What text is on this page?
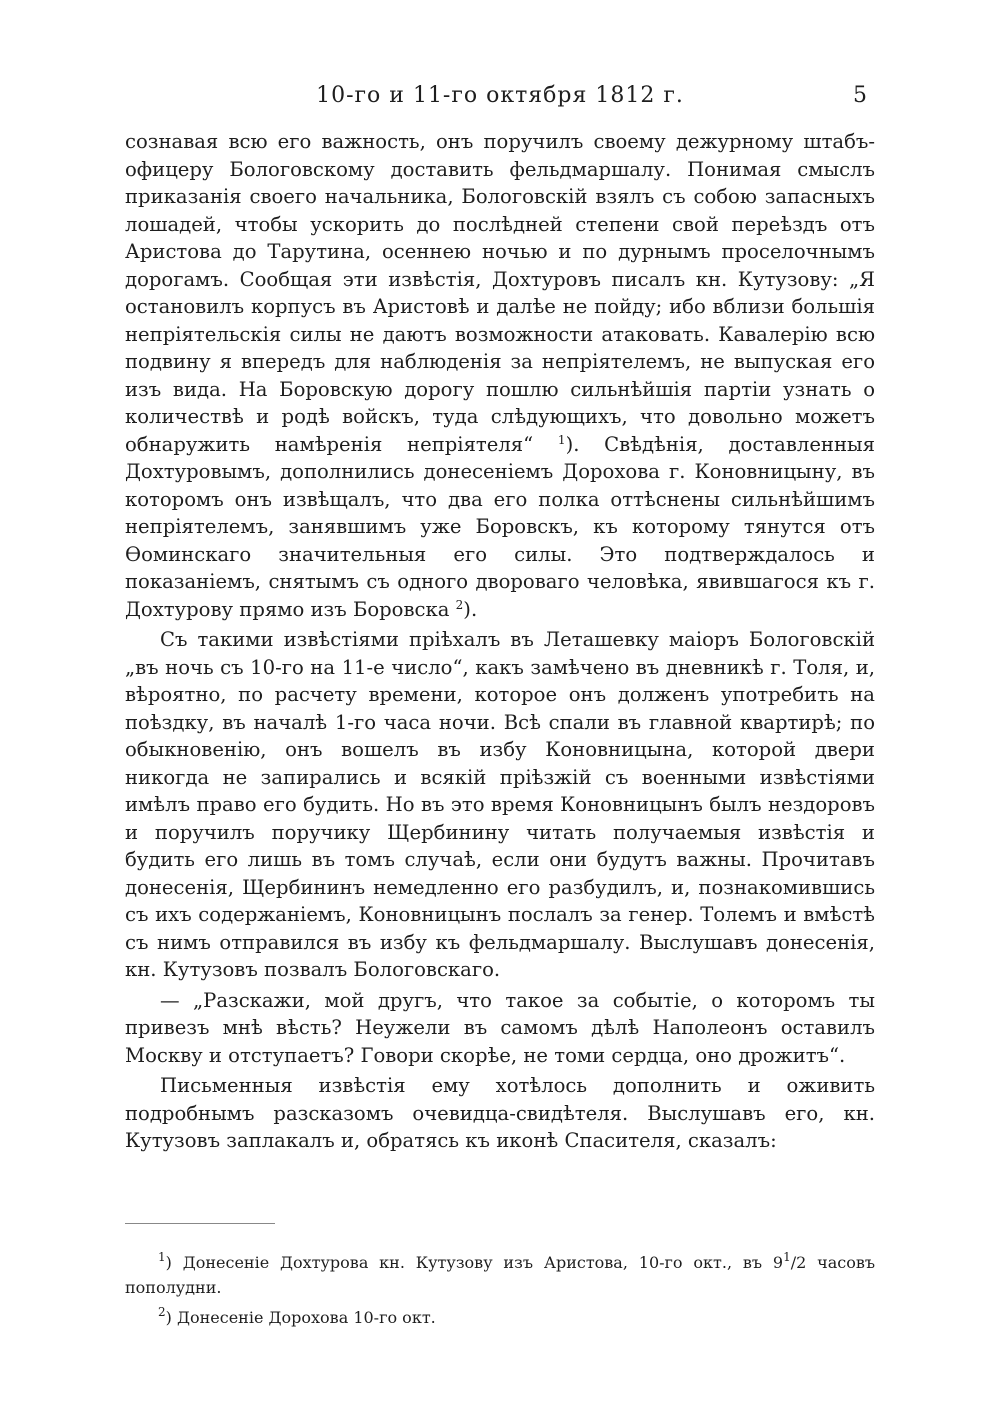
10-го и 11-го октября 1812 г.	5

сознавая всю его важность, онъ поручилъ своему дежурному штабъ-офицеру Бологовскому доставить фельдмаршалу. Понимая смыслъ приказанія своего начальника, Бологовскій взялъ съ собою запасныхъ лошадей, чтобы ускорить до послѣдней степени свой переѣздъ отъ Аристова до Тарутина, осеннею ночью и по дурнымъ проселочнымъ дорогамъ. Сообщая эти извѣстія, Дохтуровъ писалъ кн. Кутузову: „Я остановилъ корпусъ въ Аристовѣ и далѣе не пойду; ибо вблизи большія непріятельскія силы не даютъ возможности атаковать. Кавалерію всю подвину я впередъ для наблюденія за непріятелемъ, не выпуская его изъ вида. На Боровскую дорогу пошлю сильнѣйшія партіи узнать о количествѣ и родѣ войскъ, туда слѣдующихъ, что довольно можетъ обнаружить намѣренія непріятеля“ $^1$). Свѣдѣнія, доставленныя Дохтуровымъ, дополнились донесеніемъ Дорохова г. Коновницыну, въ которомъ онъ извѣщалъ, что два его полка оттѣснены сильнѣйшимъ непріятелемъ, занявшимъ уже Боровскъ, къ которому тянутся отъ Ѳоминскаго значительныя его силы. Это подтверждалось и показаніемъ, снятымъ съ одного двороваго человѣка, явившагося къ г. Дохтурову прямо изъ Боровска $^2$).

Съ такими извѣстіями пріѣхалъ въ Леташевку маіоръ Бологовскій „въ ночь съ 10-го на 11-е число“, какъ замѣчено въ дневникѣ г. Толя, и, вѣроятно, по расчету времени, которое онъ долженъ употребить на поѣздку, въ началѣ 1-го часа ночи. Всѣ спали въ главной квартирѣ; по обыкновенію, онъ вошелъ въ избу Коновницына, которой двери никогда не запирались и всякій пріѣзжій съ военными извѣстіями имѣлъ право его будить. Но въ это время Коновницынъ былъ нездоровъ и поручилъ поручику Щербинину читать получаемыя извѣстія и будить его лишь въ томъ случаѣ, если они будутъ важны. Прочитавъ донесенія, Щербининъ немедленно его разбудилъ, и, познакомившись съ ихъ содержаніемъ, Коновницынъ послалъ за генер. Толемъ и вмѣстѣ съ нимъ отправился въ избу къ фельдмаршалу. Выслушавъ донесенія, кн. Кутузовъ позвалъ Бологовскаго.

— „Разскажи, мой другъ, что такое за событіе, о которомъ ты привезъ мнѣ вѣсть? Неужели въ самомъ дѣлѣ Наполеонъ оставилъ Москву и отступаетъ? Говори скорѣе, не томи сердца, оно дрожитъ“.

Письменныя извѣстія ему хотѣлось дополнить и оживить подробнымъ разсказомъ очевидца-свидѣтеля. Выслушавъ его, кн. Кутузовъ заплакалъ и, обратясь къ иконѣ Спасителя, сказалъ:

$^1$) Донесеніе Дохтурова кн. Кутузову изъ Аристова, 10-го окт., въ $9^1/2$ часовъ пополудни.

$^2$) Донесеніе Дорохова 10-го окт.
